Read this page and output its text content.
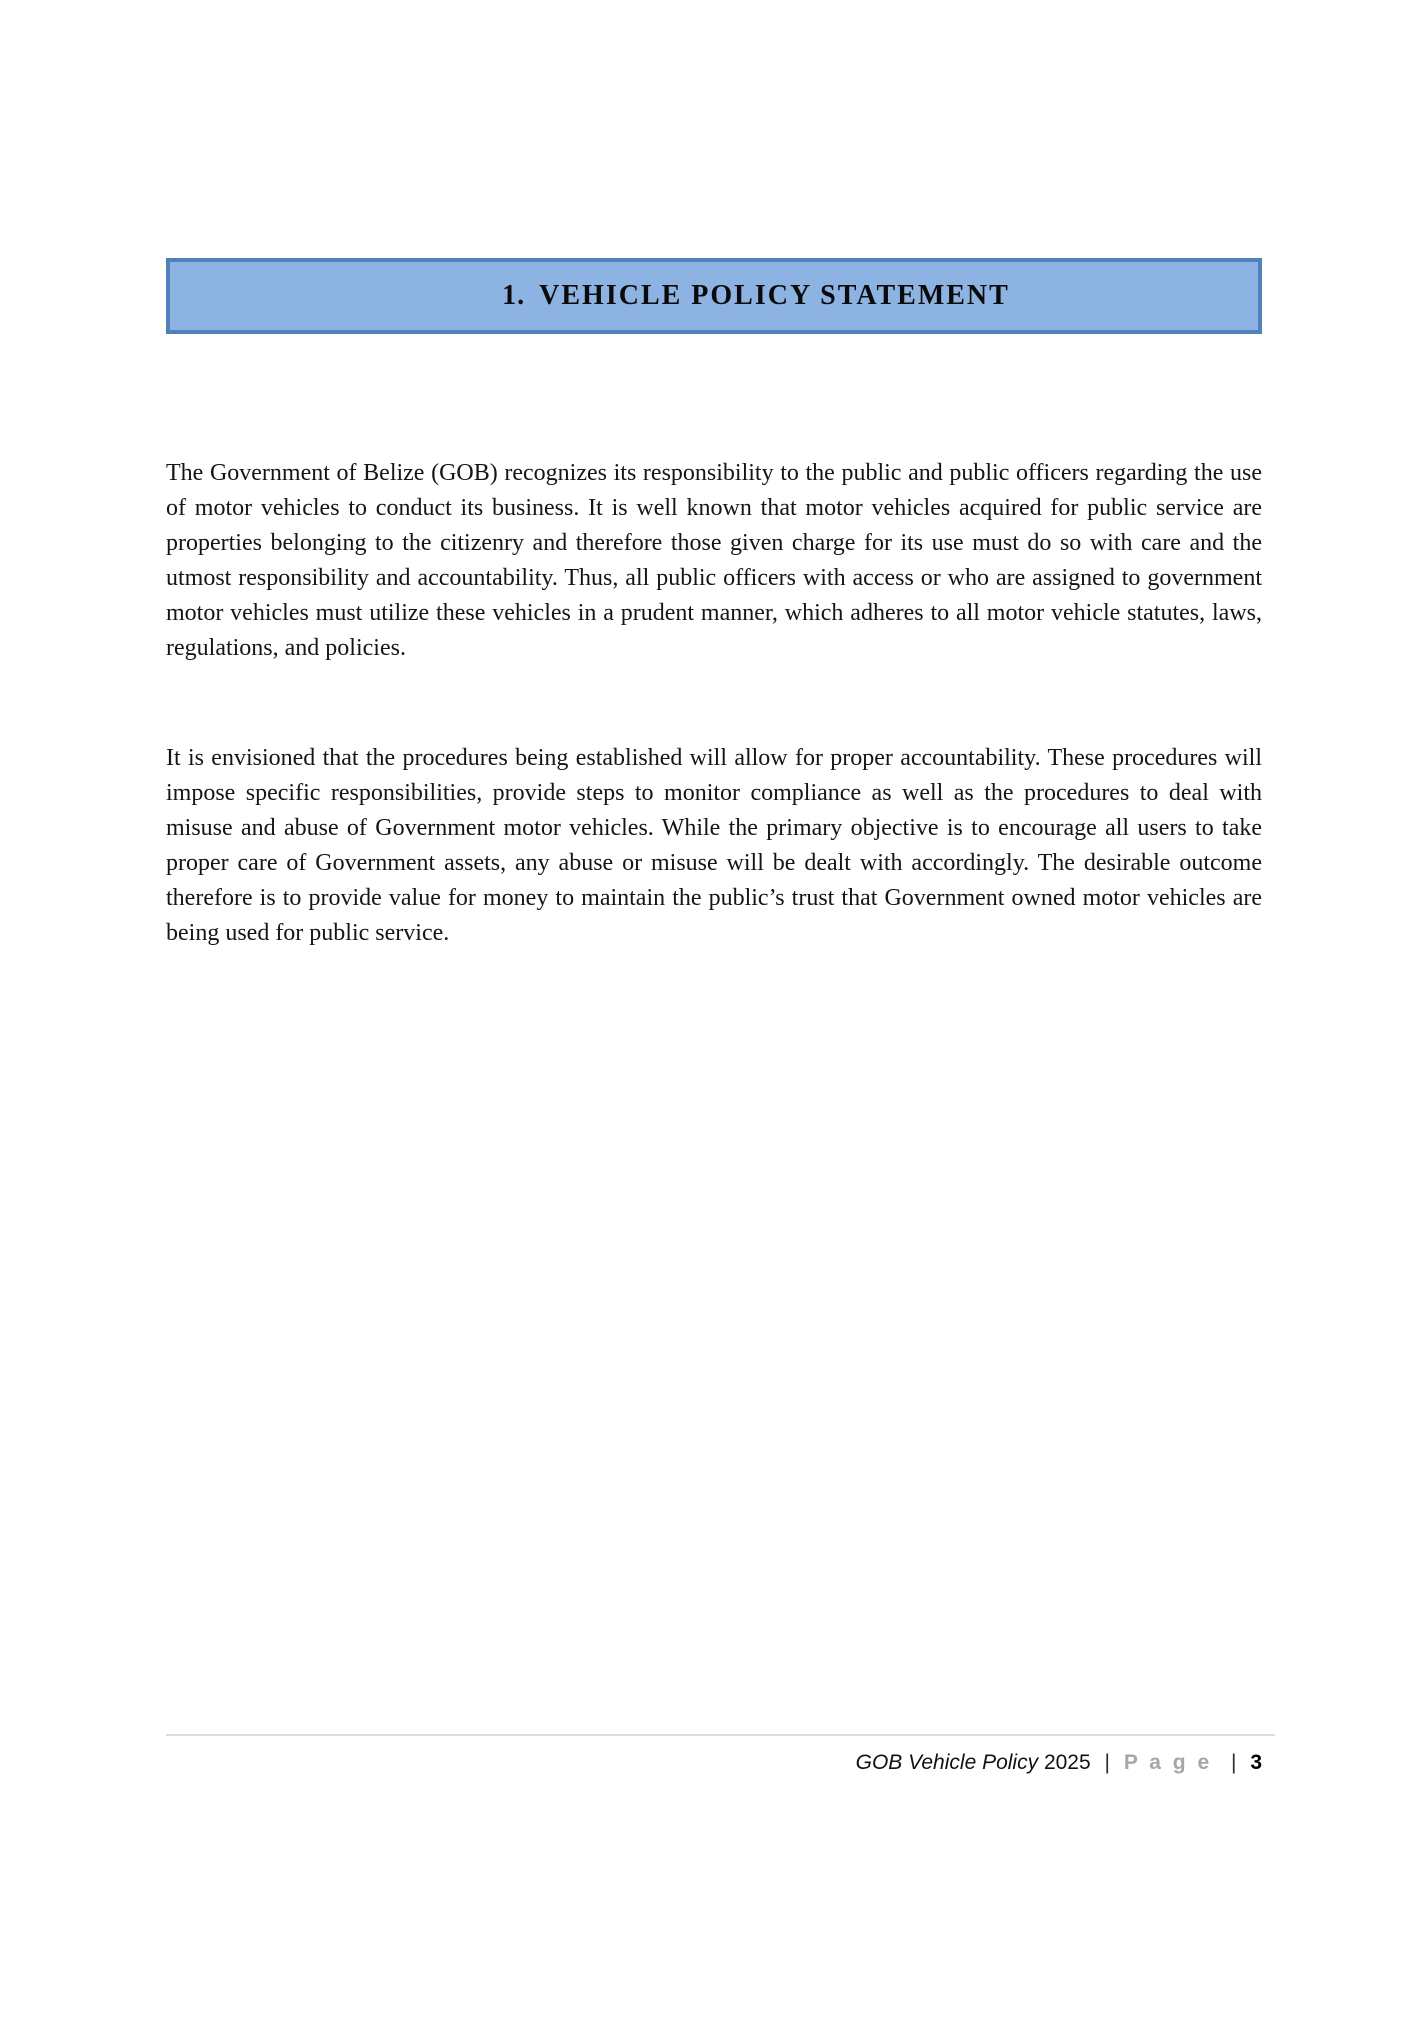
1. VEHICLE POLICY STATEMENT

The Government of Belize (GOB) recognizes its responsibility to the public and public officers regarding the use of motor vehicles to conduct its business. It is well known that motor vehicles acquired for public service are properties belonging to the citizenry and therefore those given charge for its use must do so with care and the utmost responsibility and accountability. Thus, all public officers with access or who are assigned to government motor vehicles must utilize these vehicles in a prudent manner, which adheres to all motor vehicle statutes, laws, regulations, and policies.

It is envisioned that the procedures being established will allow for proper accountability. These procedures will impose specific responsibilities, provide steps to monitor compliance as well as the procedures to deal with misuse and abuse of Government motor vehicles. While the primary objective is to encourage all users to take proper care of Government assets, any abuse or misuse will be dealt with accordingly. The desirable outcome therefore is to provide value for money to maintain the public’s trust that Government owned motor vehicles are being used for public service.

GOB Vehicle Policy 2025 | P a g e | 3
